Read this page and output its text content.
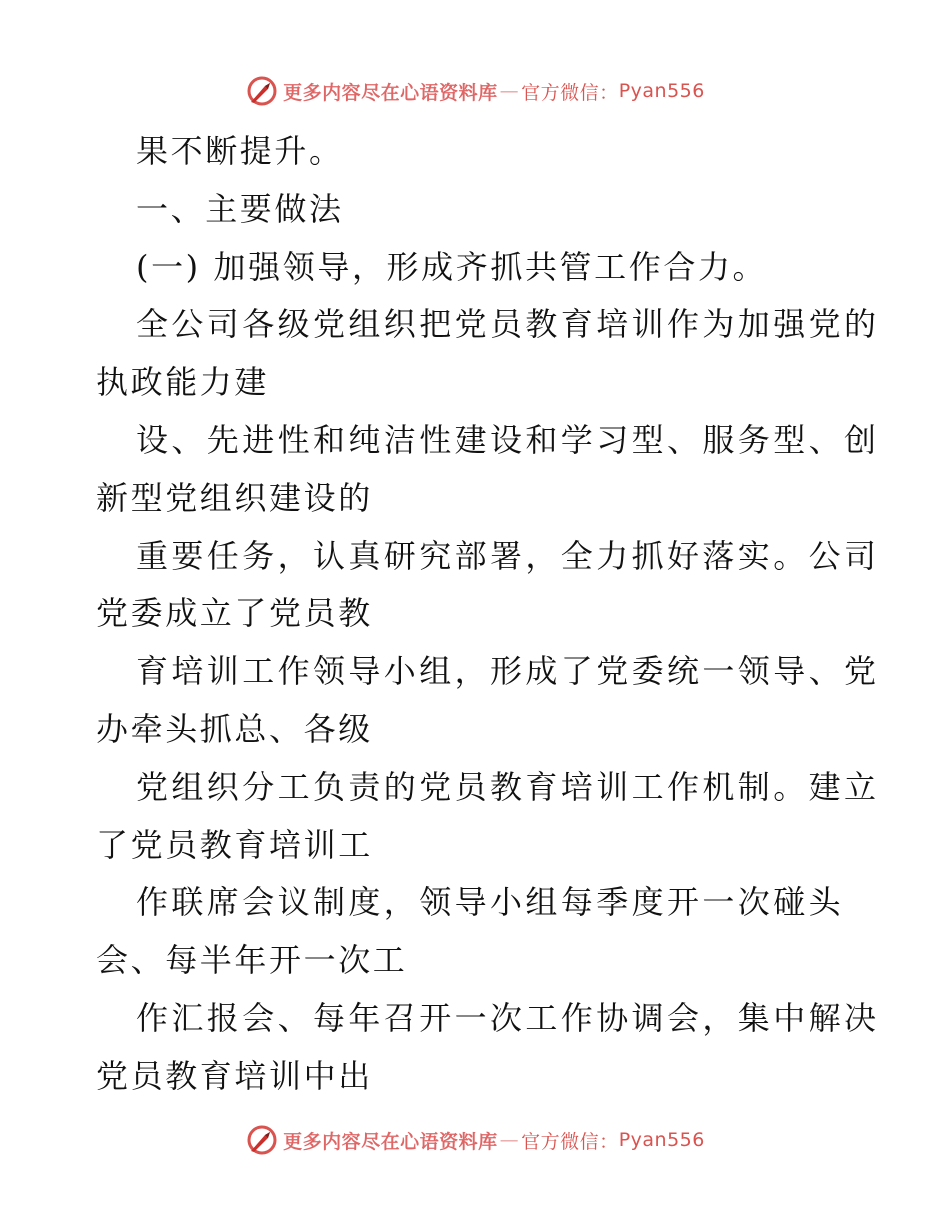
更多内容尽在心语资料库 — 官方微信： Pyan556
果不断提升。
一、主要做法
(一) 加强领导，形成齐抓共管工作合力。
全公司各级党组织把党员教育培训作为加强党的
执政能力建
设、先进性和纯洁性建设和学习型、服务型、创
新型党组织建设的
重要任务，认真研究部署，全力抓好落实。公司
党委成立了党员教
育培训工作领导小组，形成了党委统一领导、党
办牵头抓总、各级
党组织分工负责的党员教育培训工作机制。建立
了党员教育培训工
作联席会议制度，领导小组每季度开一次碰头
会、每半年开一次工
作汇报会、每年召开一次工作协调会，集中解决
党员教育培训中出
更多内容尽在心语资料库 — 官方微信： Pyan556
